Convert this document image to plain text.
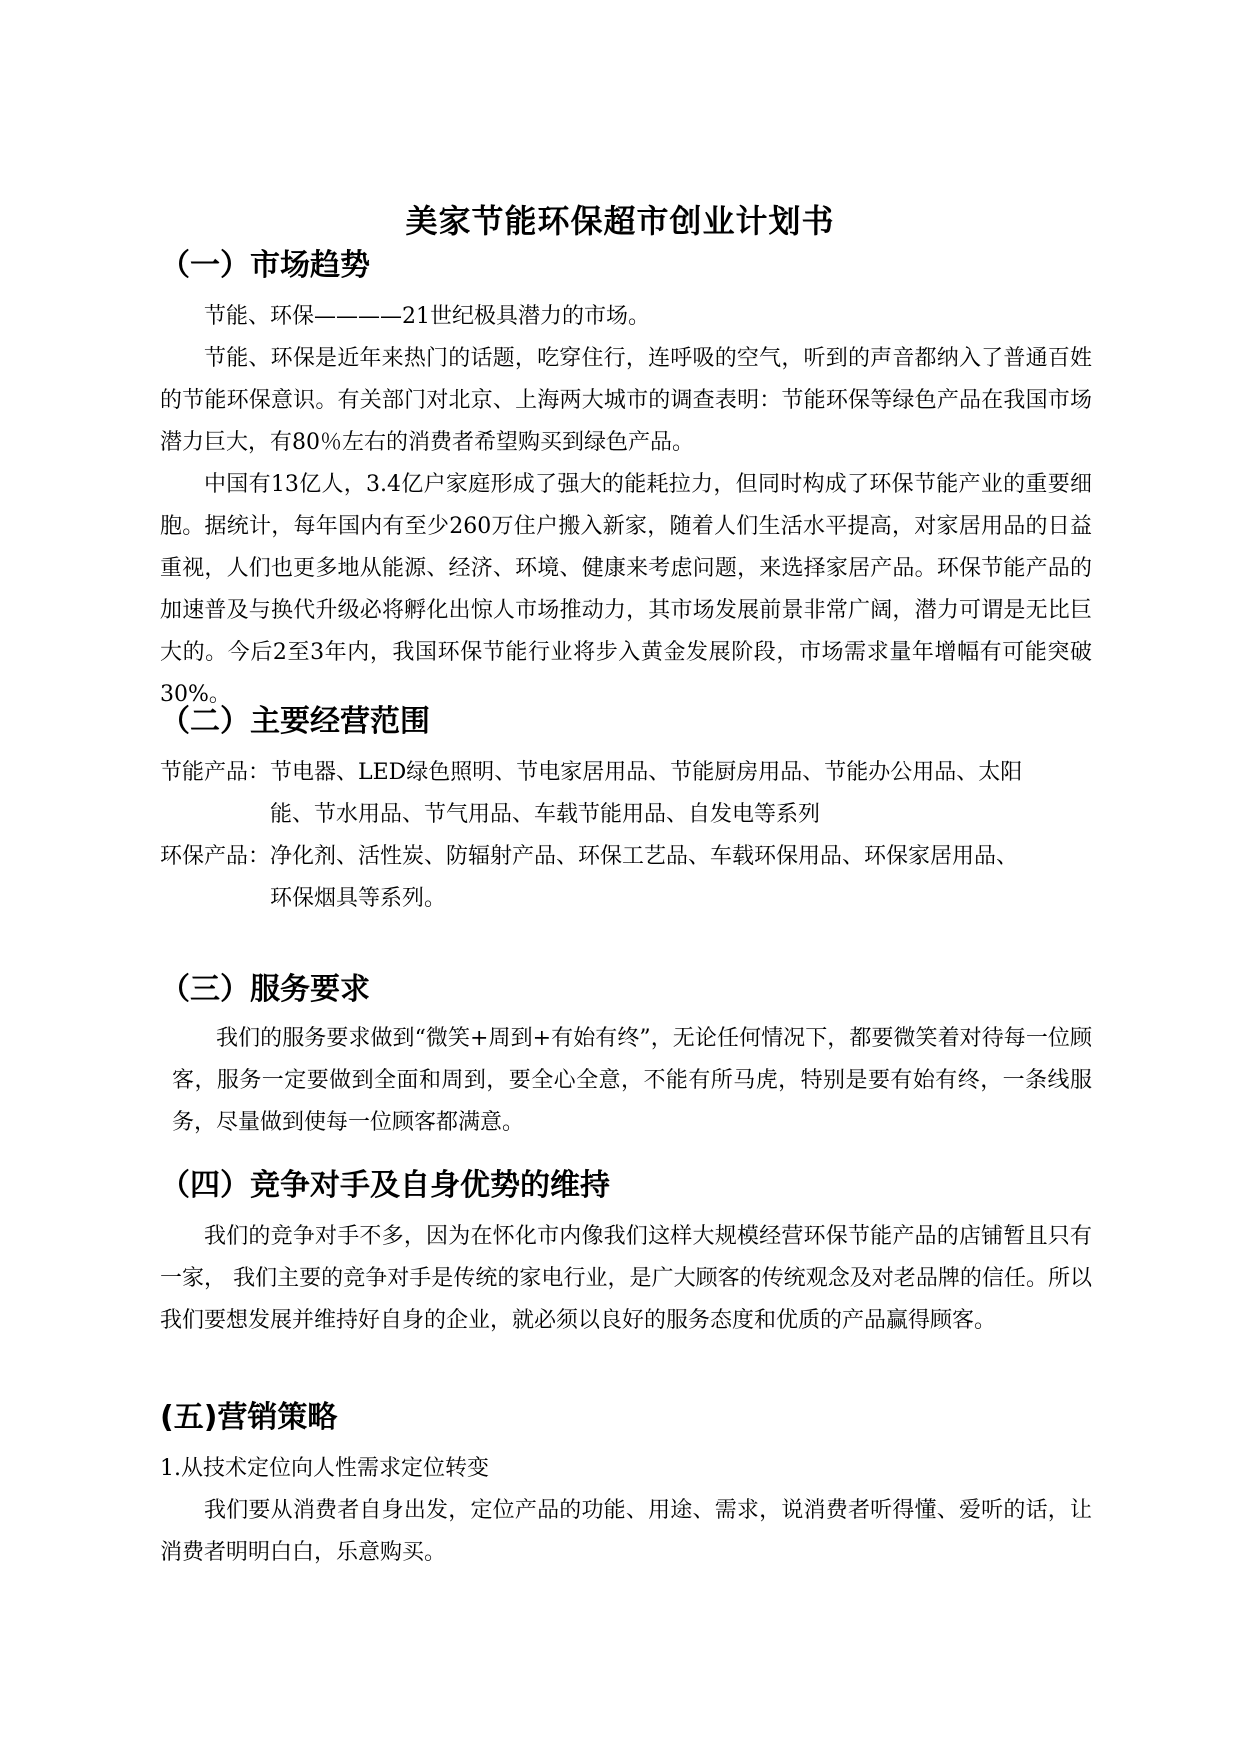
美家节能环保超市创业计划书
（一）市场趋势

节能、环保————21世纪极具潜力的市场。

节能、环保是近年来热门的话题，吃穿住行，连呼吸的空气，听到的声音都纳入了普通百姓的节能环保意识。有关部门对北京、上海两大城市的调查表明：节能环保等绿色产品在我国市场潜力巨大，有80％左右的消费者希望购买到绿色产品。

中国有13亿人，3.4亿户家庭形成了强大的能耗拉力，但同时构成了环保节能产业的重要细胞。据统计，每年国内有至少260万住户搬入新家，随着人们生活水平提高，对家居用品的日益重视，人们也更多地从能源、经济、环境、健康来考虑问题，来选择家居产品。环保节能产品的加速普及与换代升级必将孵化出惊人市场推动力，其市场发展前景非常广阔，潜力可谓是无比巨大的。今后2至3年内，我国环保节能行业将步入黄金发展阶段，市场需求量年增幅有可能突破30%。

（二）主要经营范围
节能产品： 节电器、LED绿色照明、节电家居用品、节能厨房用品、节能办公用品、太阳
能、节水用品、节气用品、车载节能用品、自发电等系列
环保产品： 净化剂、活性炭、防辐射产品、环保工艺品、车载环保用品、环保家居用品、
环保烟具等系列。
（三）服务要求

我们的服务要求做到“微笑+周到+有始有终”，无论任何情况下，都要微笑着对待每一位顾客，服务一定要做到全面和周到，要全心全意，不能有所马虎，特别是要有始有终，一条线服务，尽量做到使每一位顾客都满意。

（四）竞争对手及自身优势的维持

我们的竞争对手不多，因为在怀化市内像我们这样大规模经营环保节能产品的店铺暂且只有一家， 我们主要的竞争对手是传统的家电行业，是广大顾客的传统观念及对老品牌的信任。所以我们要想发展并维持好自身的企业，就必须以良好的服务态度和优质的产品赢得顾客。

(五)营销策略
1.从技术定位向人性需求定位转变

我们要从消费者自身出发，定位产品的功能、用途、需求，说消费者听得懂、爱听的话，让消费者明明白白，乐意购买。
